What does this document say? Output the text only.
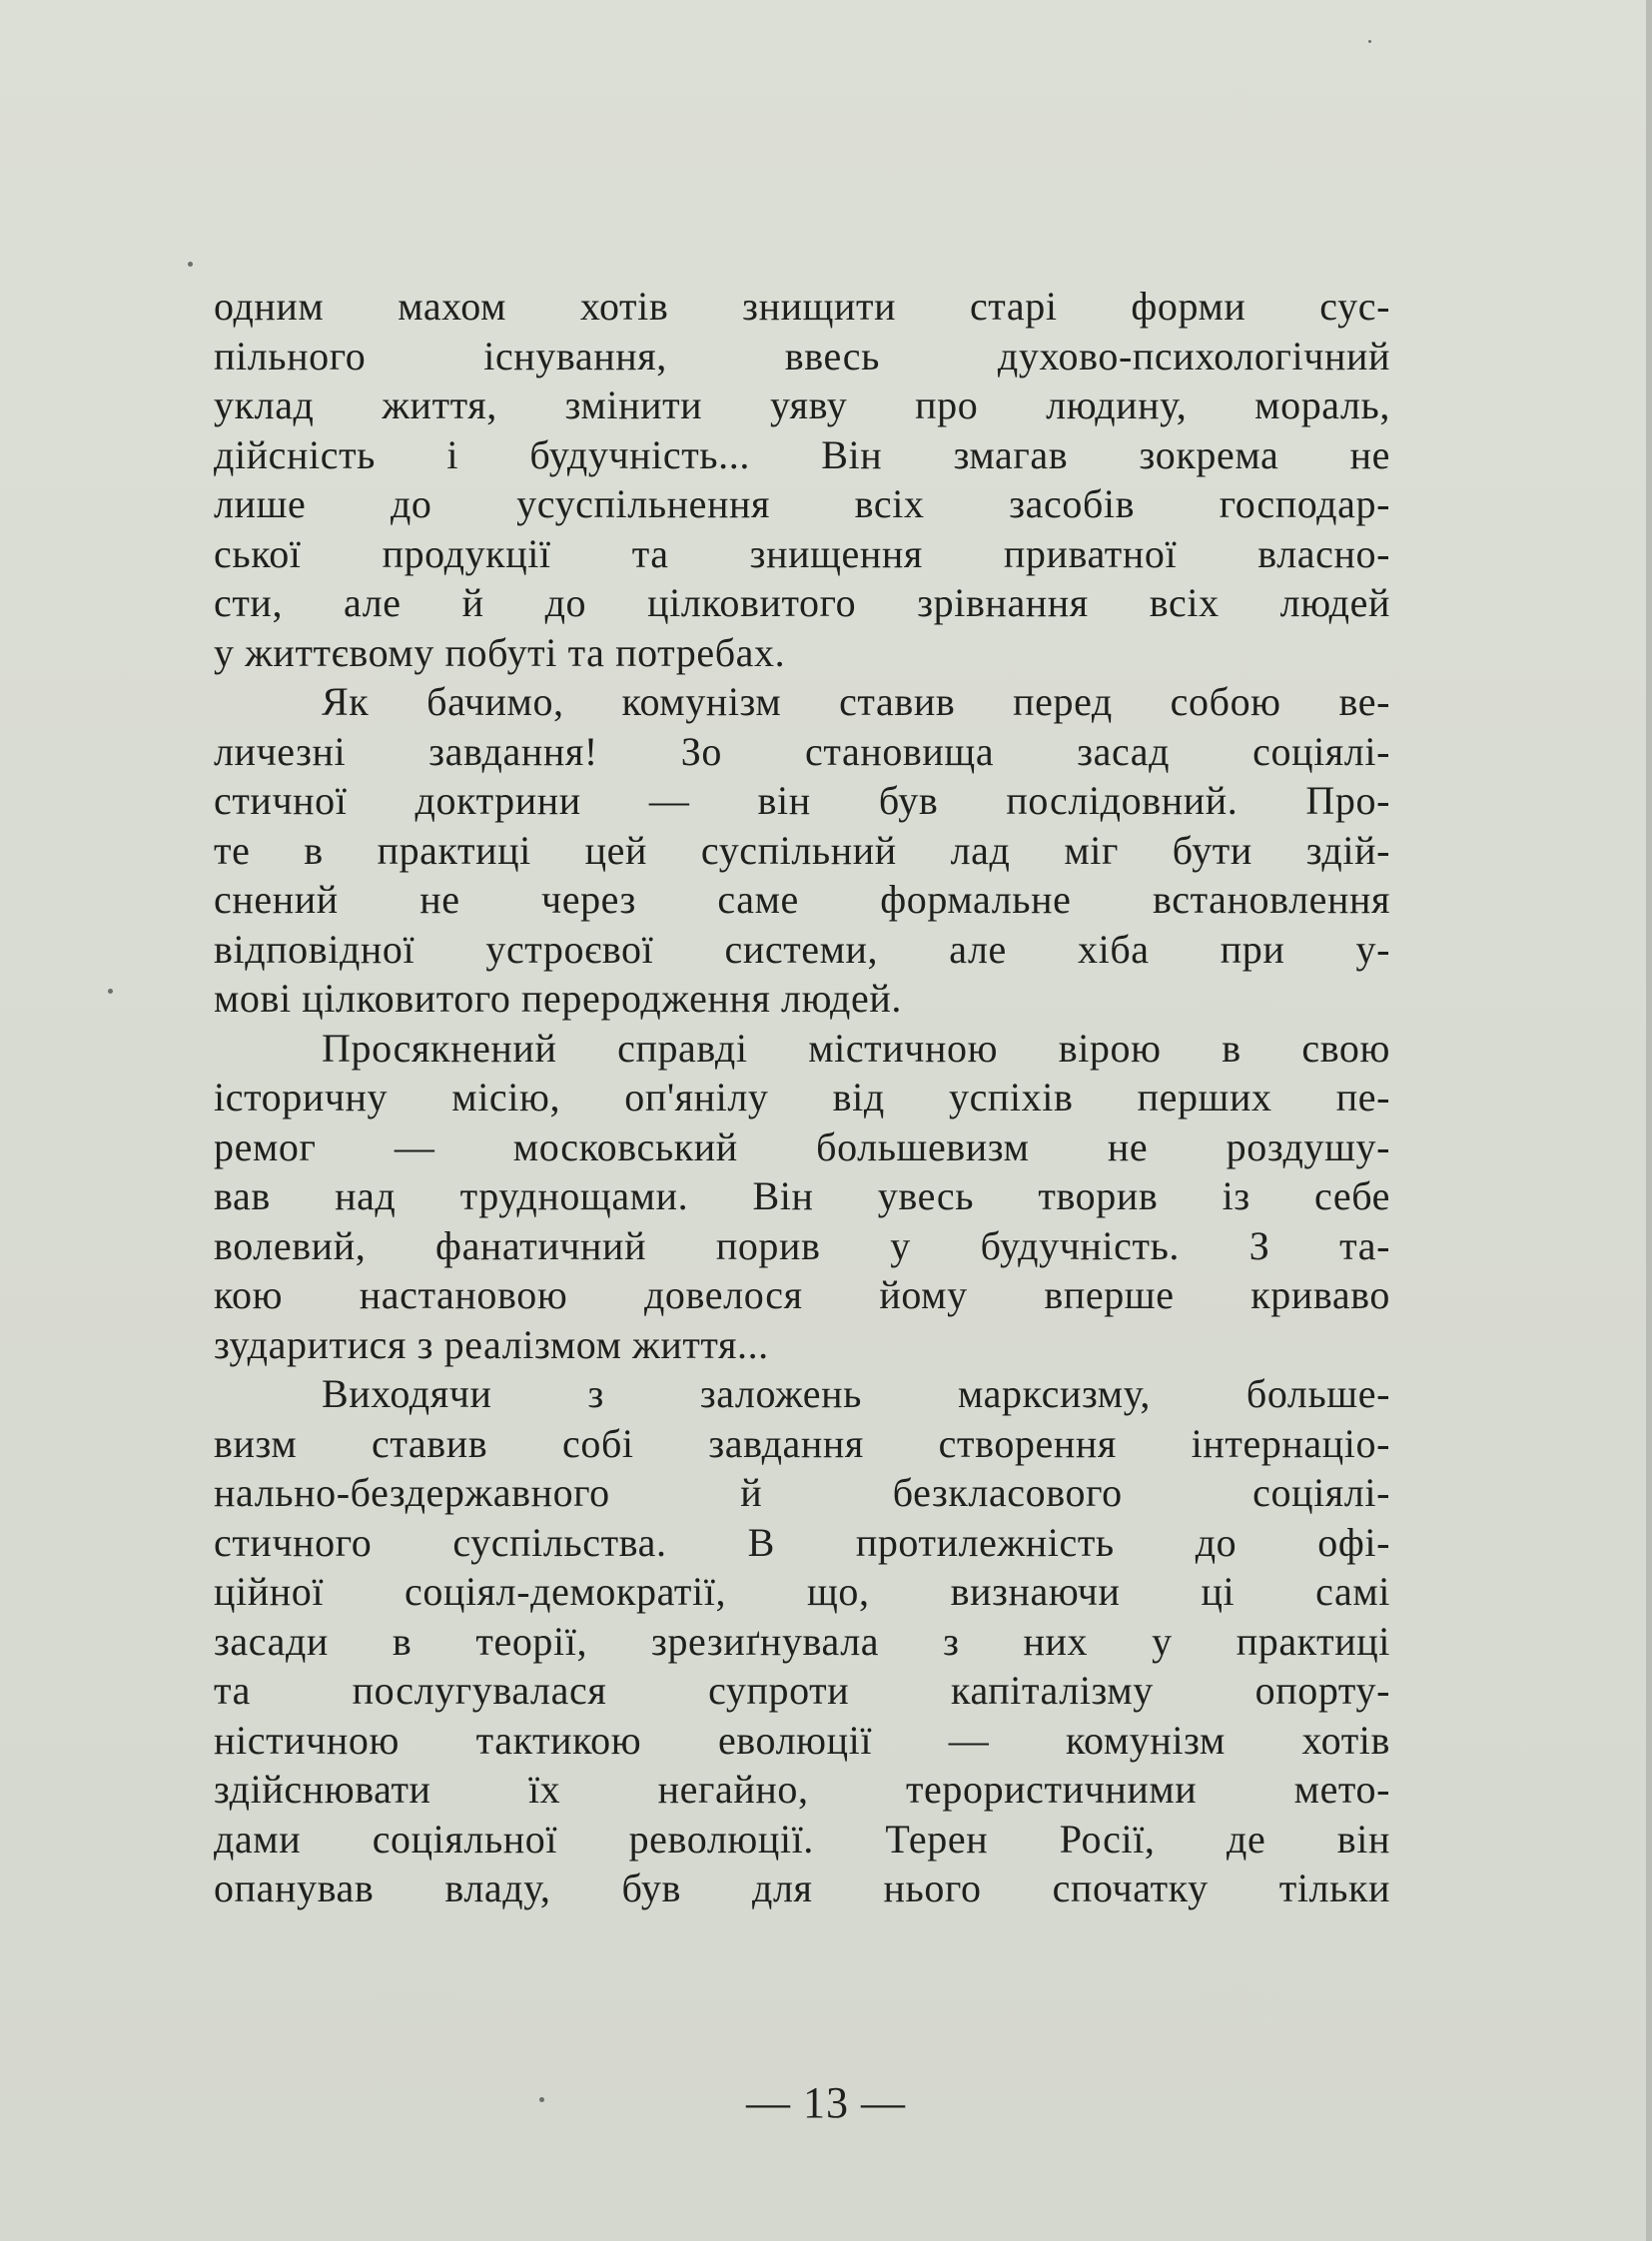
одним махом хотів знищити старі форми сус-
пільного існування, ввесь духово-психологічний
уклад життя, змінити уяву про людину, мораль,
дійсність і будучність... Він змагав зокрема не
лише до усуспільнення всіх засобів господар-
ської продукції та знищення приватної власно-
сти, але й до цілковитого зрівнання всіх людей
у життєвому побуті та потребах.
Як бачимо, комунізм ставив перед собою ве-
личезні завдання! Зо становища засад соціялі-
стичної доктрини — він був послідовний. Про-
те в практиці цей суспільний лад міг бути здій-
снений не через саме формальне встановлення
відповідної устроєвої системи, але хіба при у-
мові цілковитого переродження людей.
Просякнений справді містичною вірою в свою
історичну місію, оп'янілу від успіхів перших пе-
ремог — московський большевизм не роздушу-
вав над труднощами. Він увесь творив із себе
волевий, фанатичний порив у будучність. З та-
кою настановою довелося йому вперше криваво
зударитися з реалізмом життя...
Виходячи з заложень марксизму, большe-
визм ставив собі завдання створення інтернаціо-
нально-бездержавного й безкласового соціялі-
стичного суспільства. В протилежність до офі-
ційної соціял-демократії, що, визнаючи ці самі
засади в теорії, зрезиґнувала з них у практиці
та послугувалася супроти капіталізму опорту-
ністичною тактикою еволюції — комунізм хотів
здійснювати їх негайно, терористичними мето-
дами соціяльної революції. Терен Росії, де він
опанував владу, був для нього спочатку тільки
— 13 —
